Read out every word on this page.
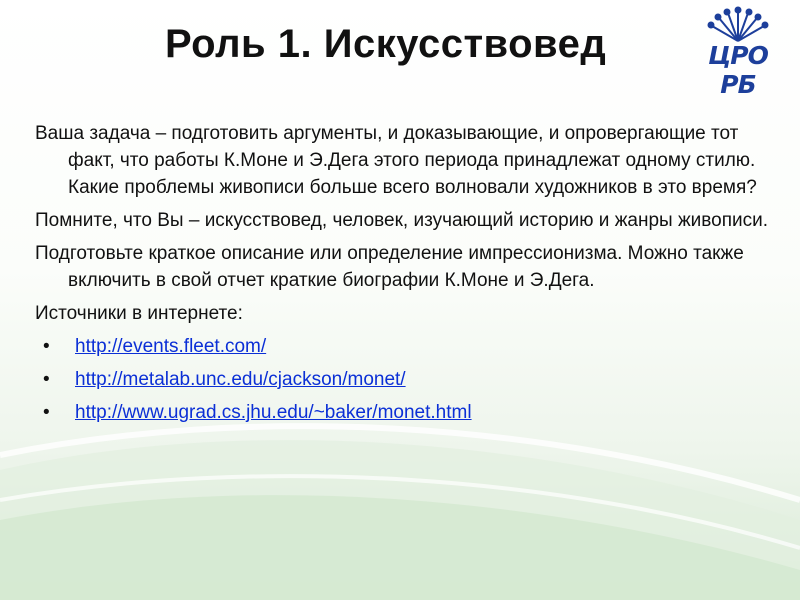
Роль 1. Искусствовед	ЦРО РБ

Ваша задача – подготовить аргументы, и доказывающие, и опровергающие тот факт, что работы К.Моне и Э.Дега этого периода принадлежат одному стилю. Какие проблемы живописи больше всего волновали художников в это время?

Помните, что Вы – искусствовед, человек, изучающий историю и жанры живописи.

Подготовьте краткое описание или определение импрессионизма. Можно также включить в свой отчет краткие биографии К.Моне и Э.Дега.

Источники в интернете:

• http://events.fleet.com/
• http://metalab.unc.edu/cjackson/monet/
• http://www.ugrad.cs.jhu.edu/~baker/monet.html
